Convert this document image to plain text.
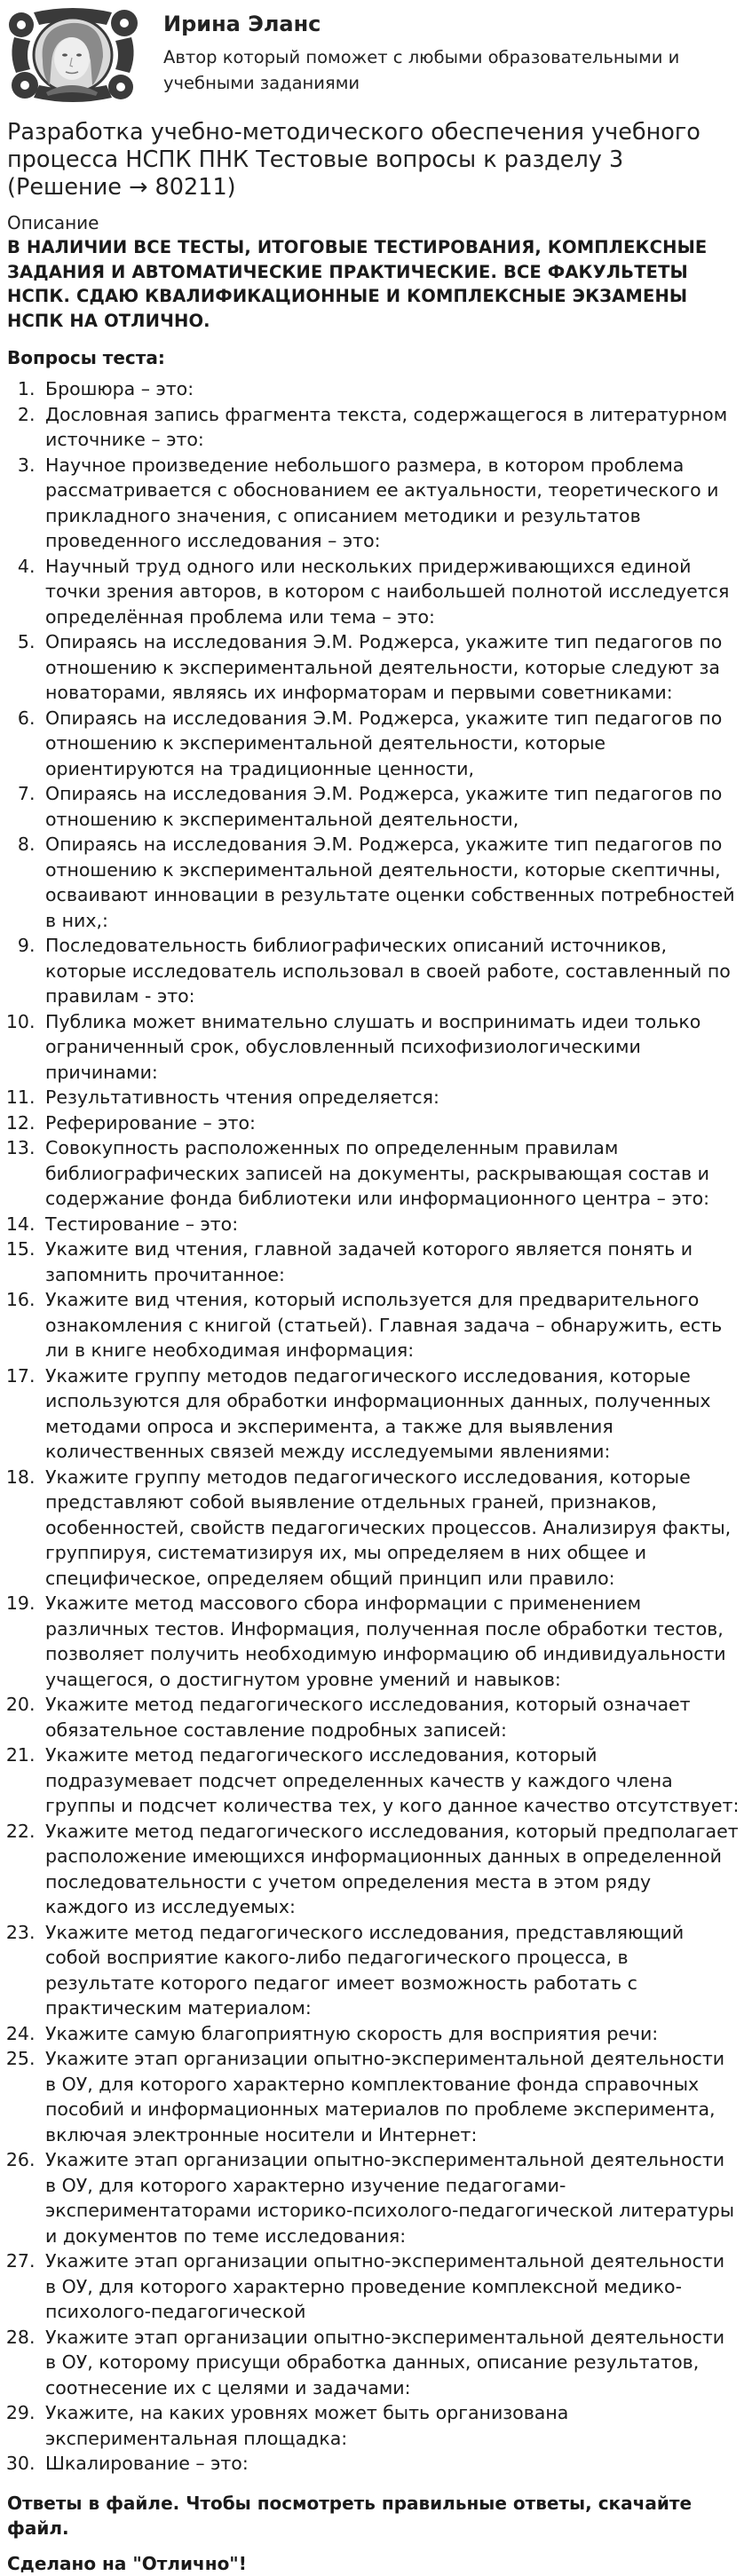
Ирина Эланс
Автор который поможет с любыми образовательными и учебными заданиями
Разработка учебно-методического обеспечения учебного процесса НСПК ПНК Тестовые вопросы к разделу 3 (Решение → 80211)
Описание
В НАЛИЧИИ ВСЕ ТЕСТЫ, ИТОГОВЫЕ ТЕСТИРОВАНИЯ, КОМПЛЕКСНЫЕ ЗАДАНИЯ И АВТОМАТИЧЕСКИЕ ПРАКТИЧЕСКИЕ. ВСЕ ФАКУЛЬТЕТЫ НСПК. СДАЮ КВАЛИФИКАЦИОННЫЕ И КОМПЛЕКСНЫЕ ЭКЗАМЕНЫ НСПК НА ОТЛИЧНО.
Вопросы теста:
1. Брошюра – это:
2. Дословная запись фрагмента текста, содержащегося в литературном источнике – это:
3. Научное произведение небольшого размера, в котором проблема рассматривается с обоснованием ее актуальности, теоретического и прикладного значения, с описанием методики и результатов проведенного исследования – это:
4. Научный труд одного или нескольких придерживающихся единой точки зрения авторов, в котором с наибольшей полнотой исследуется определённая проблема или тема – это:
5. Опираясь на исследования Э.М. Роджерса, укажите тип педагогов по отношению к экспериментальной деятельности, которые следуют за новаторами, являясь их информаторам и первыми советниками:
6. Опираясь на исследования Э.М. Роджерса, укажите тип педагогов по отношению к экспериментальной деятельности, которые ориентируются на традиционные ценности,
7. Опираясь на исследования Э.М. Роджерса, укажите тип педагогов по отношению к экспериментальной деятельности,
8. Опираясь на исследования Э.М. Роджерса, укажите тип педагогов по отношению к экспериментальной деятельности, которые скептичны, осваивают инновации в результате оценки собственных потребностей в них,:
9. Последовательность библиографических описаний источников, которые исследователь использовал в своей работе, составленный по правилам - это:
10. Публика может внимательно слушать и воспринимать идеи только ограниченный срок, обусловленный психофизиологическими причинами:
11. Результативность чтения определяется:
12. Реферирование – это:
13. Совокупность расположенных по определенным правилам библиографических записей на документы, раскрывающая состав и содержание фонда библиотеки или информационного центра – это:
14. Тестирование – это:
15. Укажите вид чтения, главной задачей которого является понять и запомнить прочитанное:
16. Укажите вид чтения, который используется для предварительного ознакомления с книгой (статьей). Главная задача – обнаружить, есть ли в книге необходимая информация:
17. Укажите группу методов педагогического исследования, которые используются для обработки информационных данных, полученных методами опроса и эксперимента, а также для выявления количественных связей между исследуемыми явлениями:
18. Укажите группу методов педагогического исследования, которые представляют собой выявление отдельных граней, признаков, особенностей, свойств педагогических процессов. Анализируя факты, группируя, систематизируя их, мы определяем в них общее и специфическое, определяем общий принцип или правило:
19. Укажите метод массового сбора информации с применением различных тестов. Информация, полученная после обработки тестов, позволяет получить необходимую информацию об индивидуальности учащегося, о достигнутом уровне умений и навыков:
20. Укажите метод педагогического исследования, который означает обязательное составление подробных записей:
21. Укажите метод педагогического исследования, который подразумевает подсчет определенных качеств у каждого члена группы и подсчет количества тех, у кого данное качество отсутствует:
22. Укажите метод педагогического исследования, который предполагает расположение имеющихся информационных данных в определенной последовательности с учетом определения места в этом ряду каждого из исследуемых:
23. Укажите метод педагогического исследования, представляющий собой восприятие какого-либо педагогического процесса, в результате которого педагог имеет возможность работать с практическим материалом:
24. Укажите самую благоприятную скорость для восприятия речи:
25. Укажите этап организации опытно-экспериментальной деятельности в ОУ, для которого характерно комплектование фонда справочных пособий и информационных материалов по проблеме эксперимента, включая электронные носители и Интернет:
26. Укажите этап организации опытно-экспериментальной деятельности в ОУ, для которого характерно изучение педагогами-экспериментаторами историко-психолого-педагогической литературы и документов по теме исследования:
27. Укажите этап организации опытно-экспериментальной деятельности в ОУ, для которого характерно проведение комплексной медико-психолого-педагогической
28. Укажите этап организации опытно-экспериментальной деятельности в ОУ, которому присущи обработка данных, описание результатов, соотнесение их с целями и задачами:
29. Укажите, на каких уровнях может быть организована экспериментальная площадка:
30. Шкалирование – это:
Ответы в файле. Чтобы посмотреть правильные ответы, скачайте файл.
Сделано на "Отлично"!
